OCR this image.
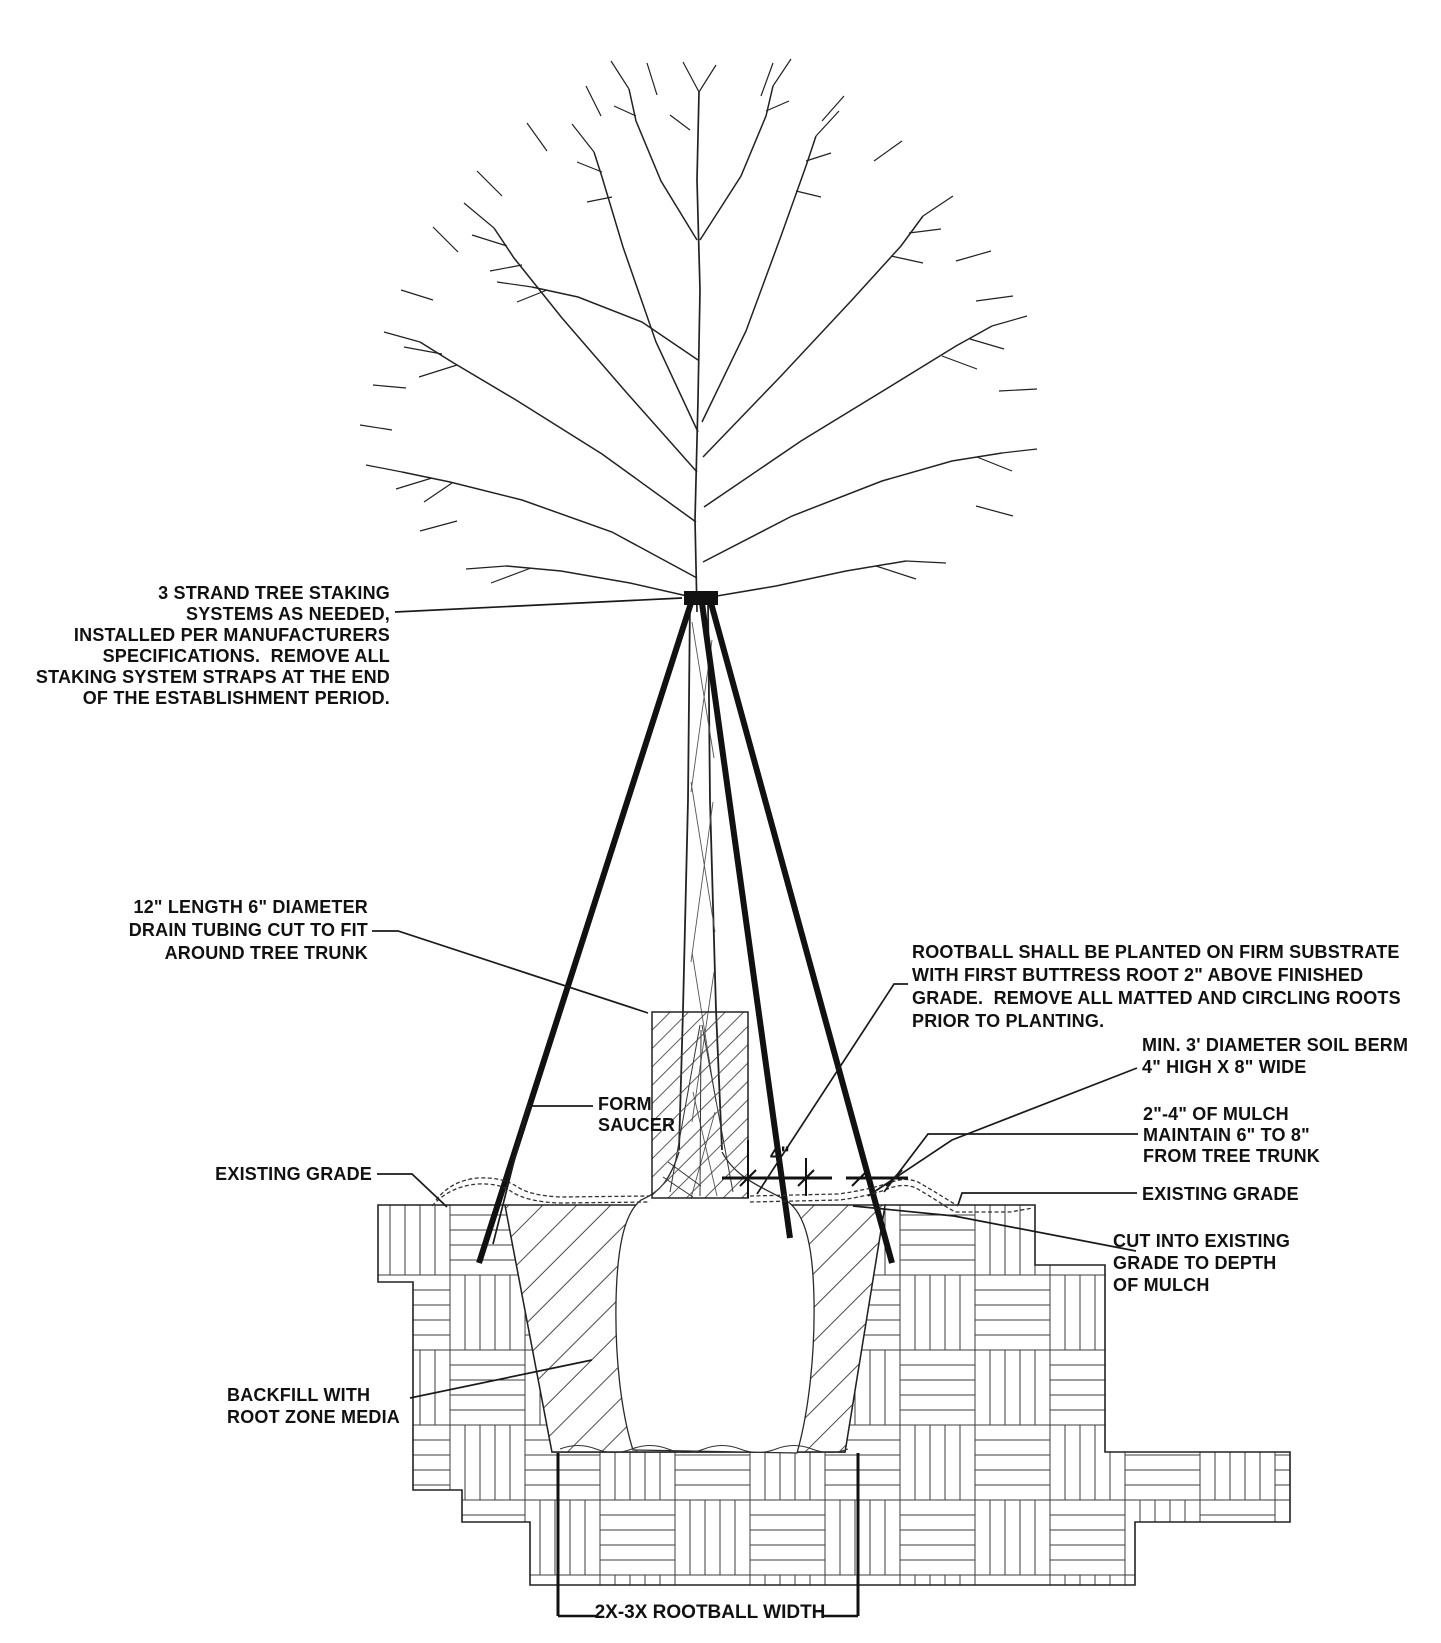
3 STRAND TREE STAKING
SYSTEMS AS NEEDED,
INSTALLED PER MANUFACTURERS
SPECIFICATIONS.  REMOVE ALL
STAKING SYSTEM STRAPS AT THE END
OF THE ESTABLISHMENT PERIOD.
12" LENGTH 6" DIAMETER
DRAIN TUBING CUT TO FIT
AROUND TREE TRUNK
FORM
SAUCER
EXISTING GRADE
BACKFILL WITH
ROOT ZONE MEDIA
ROOTBALL SHALL BE PLANTED ON FIRM SUBSTRATE
WITH FIRST BUTTRESS ROOT 2" ABOVE FINISHED
GRADE.  REMOVE ALL MATTED AND CIRCLING ROOTS
PRIOR TO PLANTING.
MIN. 3' DIAMETER SOIL BERM
4" HIGH X 8" WIDE
2"-4" OF MULCH
MAINTAIN 6" TO 8"
FROM TREE TRUNK
EXISTING GRADE
CUT INTO EXISTING
GRADE TO DEPTH
OF MULCH
4"
2X-3X ROOTBALL WIDTH
